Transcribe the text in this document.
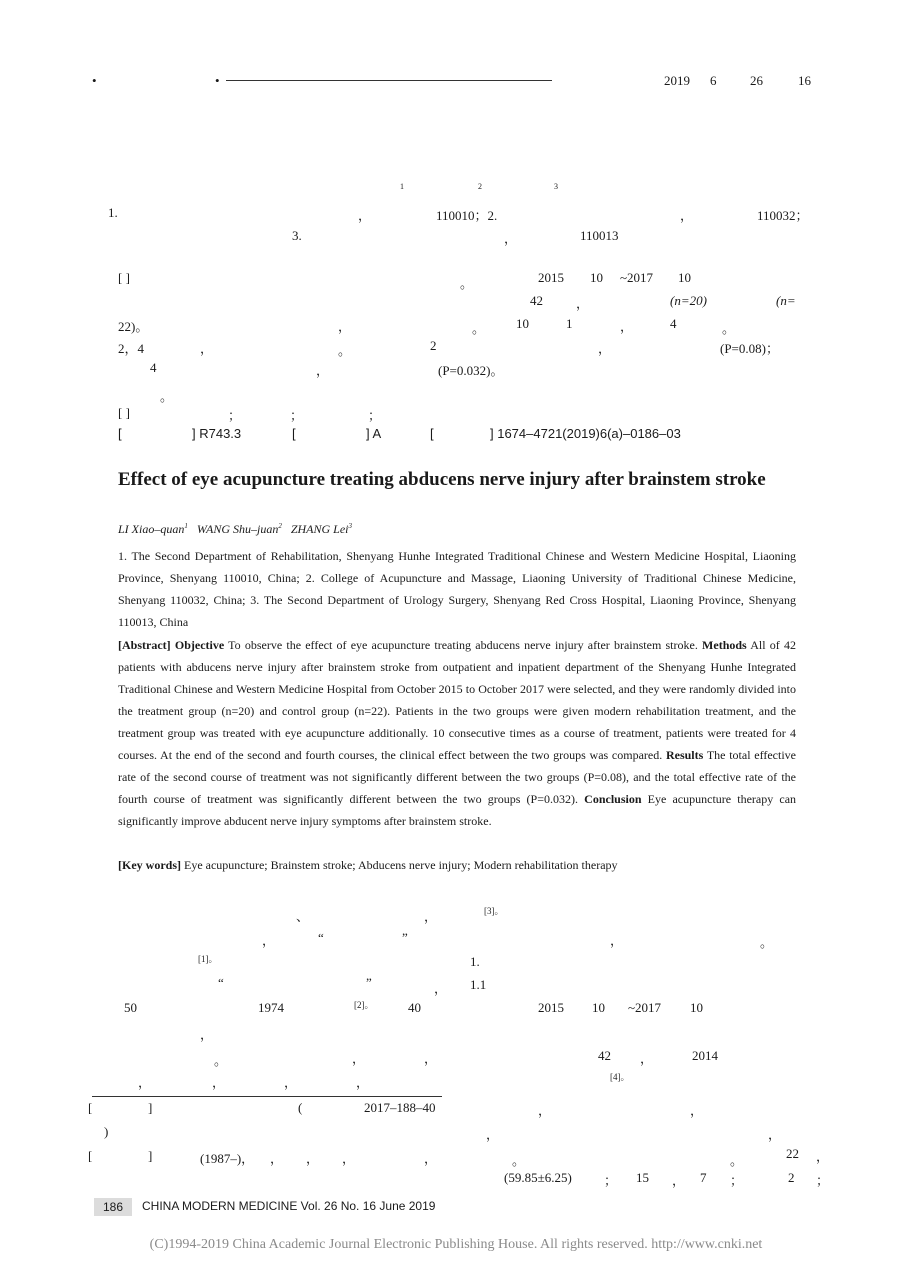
•	•	2019 6	26	16
1	2	3
1.	，	110010；2.	，	110032；
3.	，	110013
[ ]	。	2015 10 ~2017 10
42	，	(n=20)	(n=
22)。	，	。 10	1	，	4	。
2，4	，	。	2	，	(P=0.08)；
4	，	(P=0.032)。
。
[ ]	；	；	；
[	] R743.3	[	] A	[	] 1674–4721(2019)6(a)–0186–03
Effect of eye acupuncture treating abducens nerve injury after brainstem stroke
LI Xiao–quan$^1$ WANG Shu–juan$^2$ ZHANG Lei$^3$
1. The Second Department of Rehabilitation, Shenyang Hunhe Integrated Traditional Chinese and Western Medicine Hospital, Liaoning Province, Shenyang 110010, China; 2. College of Acupuncture and Massage, Liaoning University of Traditional Chinese Medicine, Shenyang 110032, China; 3. The Second Department of Urology Surgery, Shenyang Red Cross Hospital, Liaoning Province, Shenyang 110013, China
[Abstract] Objective To observe the effect of eye acupuncture treating abducens nerve injury after brainstem stroke. Methods All of 42 patients with abducens nerve injury after brainstem stroke from outpatient and inpatient department of the Shenyang Hunhe Integrated Traditional Chinese and Western Medicine Hospital from October 2015 to October 2017 were selected, and they were randomly divided into the treatment group (n=20) and control group (n=22). Patients in the two groups were given modern rehabilitation treatment, and the treatment group was treated with eye acupuncture additionally. 10 consecutive times as a course of treatment, patients were treated for 4 courses. At the end of the second and fourth courses, the clinical effect between the two groups was compared. Results The total effective rate of the second course of treatment was not significantly different between the two groups (P=0.08), and the total effective rate of the fourth course of treatment was significantly different between the two groups (P=0.032). Conclusion Eye acupuncture therapy can significantly improve abducent nerve injury symptoms after brainstem stroke.
[Key words] Eye acupuncture; Brainstem stroke; Abducens nerve injury; Modern rehabilitation therapy
、	，	[3]。
，	“	”
[1]。
“	”	，
50	1974	[2]。	40
，
。	，	，
，	，	，	，
[	]	(	2017–188–40
)
[	]	(1987–)， ， ， ，	，
，	。
1.
1.1
2015 10 ~2017 10
42 ，	2014
[4]。
，	，
，	，
。	。	22 ，
(59.85±6.25) ； 15 ， 7 ；	2 ；
186	CHINA MODERN MEDICINE Vol. 26 No. 16 June 2019
(C)1994-2019 China Academic Journal Electronic Publishing House. All rights reserved. http://www.cnki.net
